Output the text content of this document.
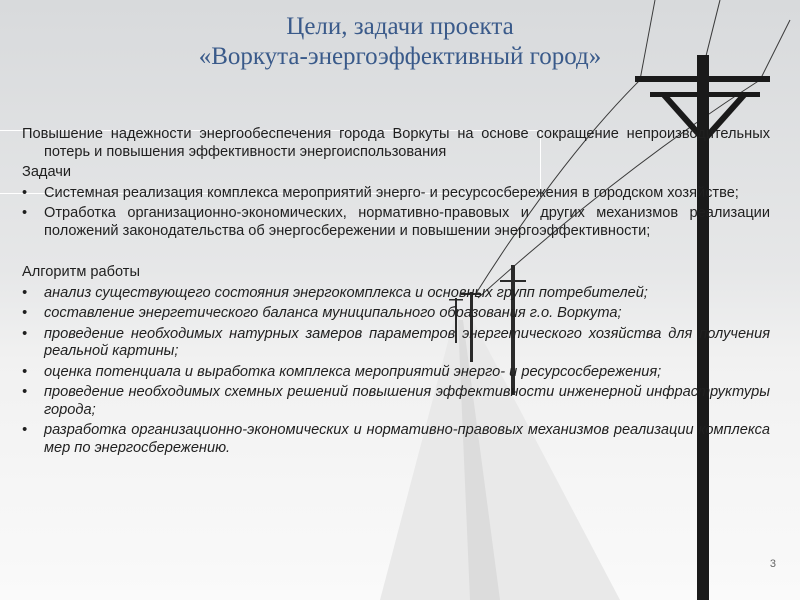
Цели, задачи проекта
«Воркута-энергоэффективный город»

Повышение надежности энергообеспечения города Воркуты на основе сокращение непроизводительных потерь и повышения эффективности энергоиспользования

Задачи
•	Системная реализация комплекса мероприятий энерго- и ресурсосбережения в городском хозяйстве;
•	Отработка организационно-экономических, нормативно-правовых и других механизмов реализации положений законодательства об энергосбережении и повышении энергоэффективности;
Алгоритм работы
•	анализ существующего состояния энергокомплекса и основных групп потребителей;
•	составление энергетического баланса муниципального образования г.о. Воркута;
•	проведение необходимых натурных замеров параметров энергетического хозяйства для получения реальной картины;
•	оценка потенциала и выработка комплекса мероприятий энерго- и ресурсосбережения;
•	проведение необходимых схемных решений повышения эффективности инженерной инфраструктуры города;
•	разработка организационно-экономических и нормативно-правовых механизмов реализации комплекса мер по энергосбережению.
3
